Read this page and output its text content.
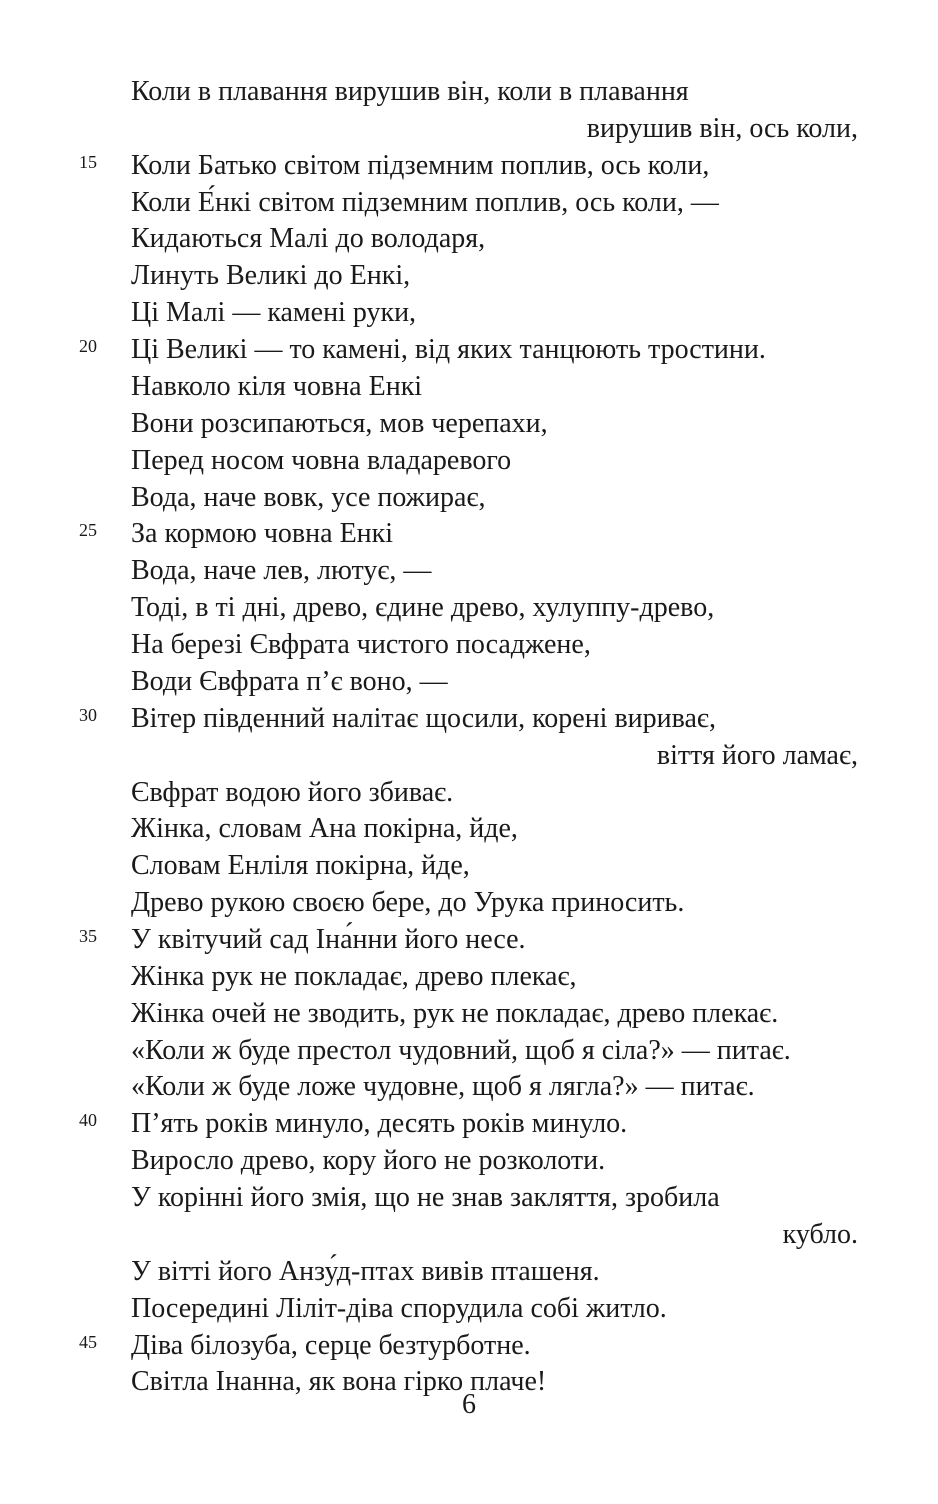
Коли в плавання вирушив він, коли в плавання
вирушив він, ось коли,
15 Коли Батько світом підземним поплив, ось коли,
Коли Е́нкі світом підземним поплив, ось коли, —
Кидаються Малі до володаря,
Линуть Великі до Енкі,
Ці Малі — камені руки,
20 Ці Великі — то камені, від яких танцюють тростини.
Навколо кіля човна Енкі
Вони розсипаються, мов черепахи,
Перед носом човна владаревого
Вода, наче вовк, усе пожирає,
25 За кормою човна Енкі
Вода, наче лев, лютує, —
Тоді, в ті дні, древо, єдине древо, хулуппу-древо,
На березі Євфрата чистого посаджене,
Води Євфрата п’є воно, —
30 Вітер південний налітає щосили, корені вириває,
віття його ламає,
Євфрат водою його збиває.
Жінка, словам Ана покірна, йде,
Словам Енліля покірна, йде,
Древо рукою своєю бере, до Урука приносить.
35 У квітучий сад Іна́нни його несе.
Жінка рук не покладає, древо плекає,
Жінка очей не зводить, рук не покладає, древо плекає.
«Коли ж буде престол чудовний, щоб я сіла?» — питає.
«Коли ж буде ложе чудовне, щоб я лягла?» — питає.
40 П’ять років минуло, десять років минуло.
Виросло древо, кору його не розколоти.
У корінні його змія, що не знав закляття, зробила
кубло.
У вітті його Анзу́д-птах вивів пташеня.
Посередині Ліліт-діва спорудила собі житло.
45 Діва білозуба, серце безтурботне.
Світла Інанна, як вона гірко плаче!
6
